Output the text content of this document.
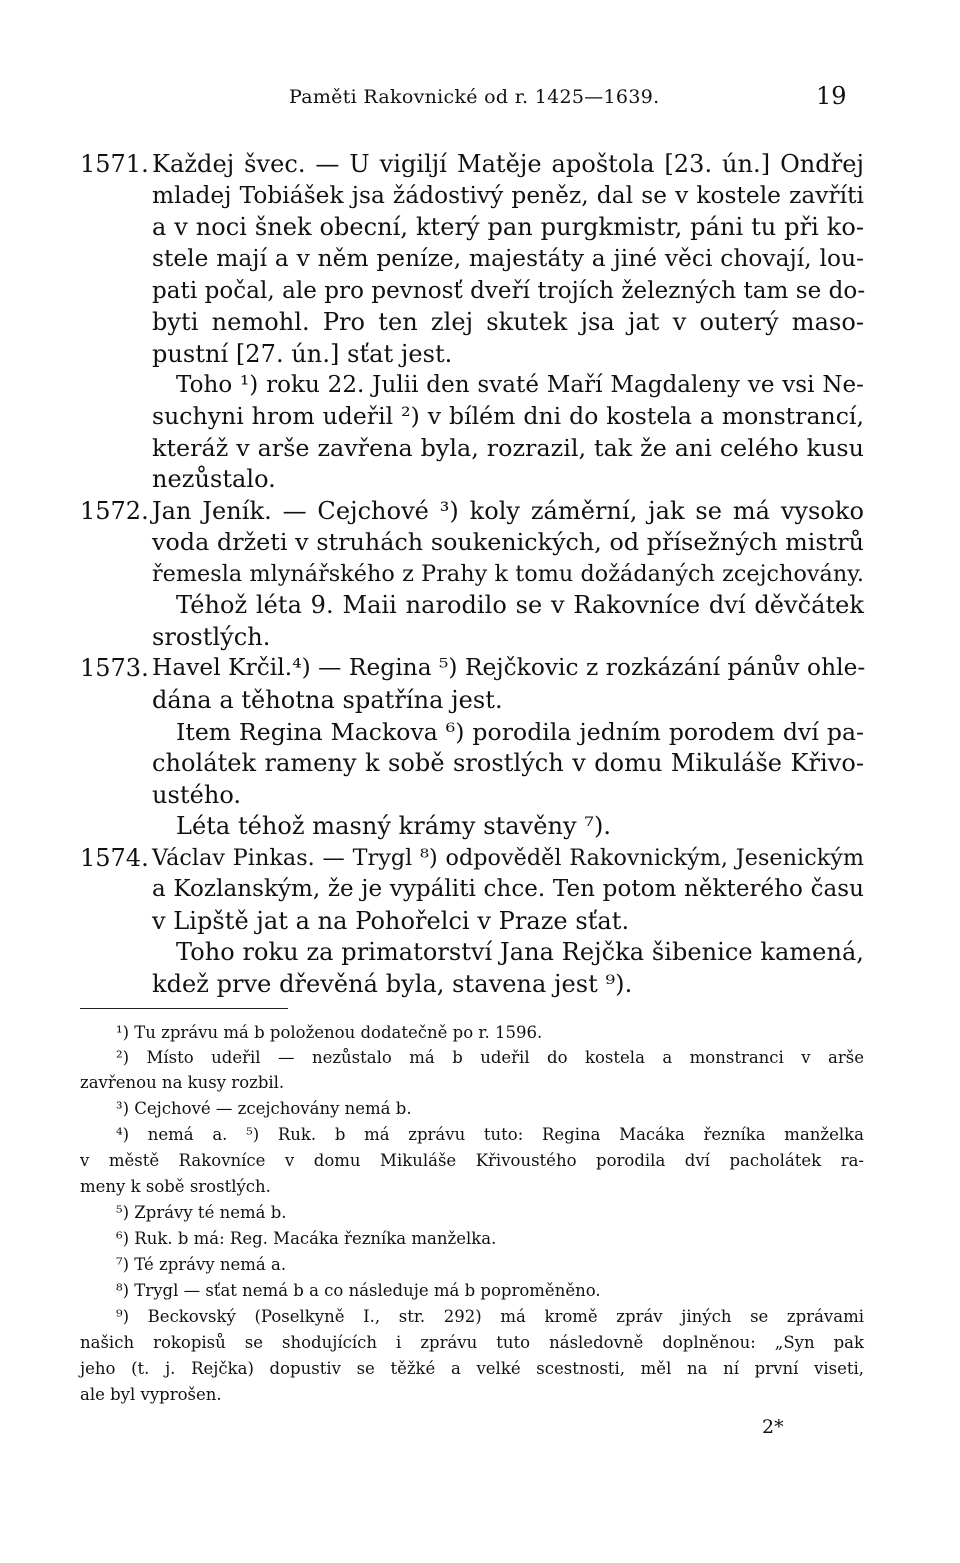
Paměti Rakovnické od r. 1425—1639.	19
1571.
1572.
1573.
1574.
Každej švec. — U vigiljí Matěje apoštola [23. ún.] Ondřej
mladej Tobiášek jsa žádostivý peněz, dal se v kostele zavříti
a v noci šnek obecní, který pan purgkmistr, páni tu při ko-
stele mají a v něm peníze, majestáty a jiné věci chovají, lou-
pati počal, ale pro pevnosť dveří trojích železných tam se do-
byti nemohl. Pro ten zlej skutek jsa jat v outerý maso-
pustní [27. ún.] sťat jest.
Toho ¹) roku 22. Julii den svaté Maří Magdaleny ve vsi Ne-
suchyni hrom udeřil ²) v bílém dni do kostela a monstrancí,
kteráž v arše zavřena byla, rozrazil, tak že ani celého kusu
nezůstalo.
Jan Jeník. — Cejchové ³) koly záměrní, jak se má vysoko
voda držeti v struhách soukenických, od přísežných mistrů
řemesla mlynářského z Prahy k tomu dožádaných zcejchovány.
Téhož léta 9. Maii narodilo se v Rakovníce dví děvčátek
srostlých.
Havel Krčil.⁴) — Regina ⁵) Rejčkovic z rozkázání pánův ohle-
dána a těhotna spatřína jest.
Item Regina Mackova ⁶) porodila jedním porodem dví pa-
cholátek rameny k sobě srostlých v domu Mikuláše Křivo-
ustého.
Léta téhož masný krámy stavěny ⁷).
Václav Pinkas. — Trygl ⁸) odpověděl Rakovnickým, Jesenickým
a Kozlanským, že je vypáliti chce. Ten potom některého času
v Lipště jat a na Pohořelci v Praze sťat.
Toho roku za primatorství Jana Rejčka šibenice kamená,
kdež prve dřevěná byla, stavena jest ⁹).
¹) Tu zprávu má b položenou dodatečně po r. 1596.
²) Místo udeřil — nezůstalo má b udeřil do kostela a monstranci v arše
zavřenou na kusy rozbil.
³) Cejchové — zcejchovány nemá b.
⁴) nemá a. ⁵) Ruk. b má zprávu tuto: Regina Macáka řezníka manželka
v městě Rakovníce v domu Mikuláše Křivoustého porodila dví pacholátek ra-
meny k sobě srostlých.
⁵) Zprávy té nemá b.
⁶) Ruk. b má: Reg. Macáka řezníka manželka.
⁷) Té zprávy nemá a.
⁸) Trygl — sťat nemá b a co následuje má b poproměněno.
⁹) Beckovský (Poselkyně I., str. 292) má kromě zpráv jiných se zprávami
našich rokopisů se shodujících i zprávu tuto následovně doplněnou: „Syn pak
jeho (t. j. Rejčka) dopustiv se těžké a velké scestnosti, měl na ní první viseti,
ale byl vyprošen.
2*
